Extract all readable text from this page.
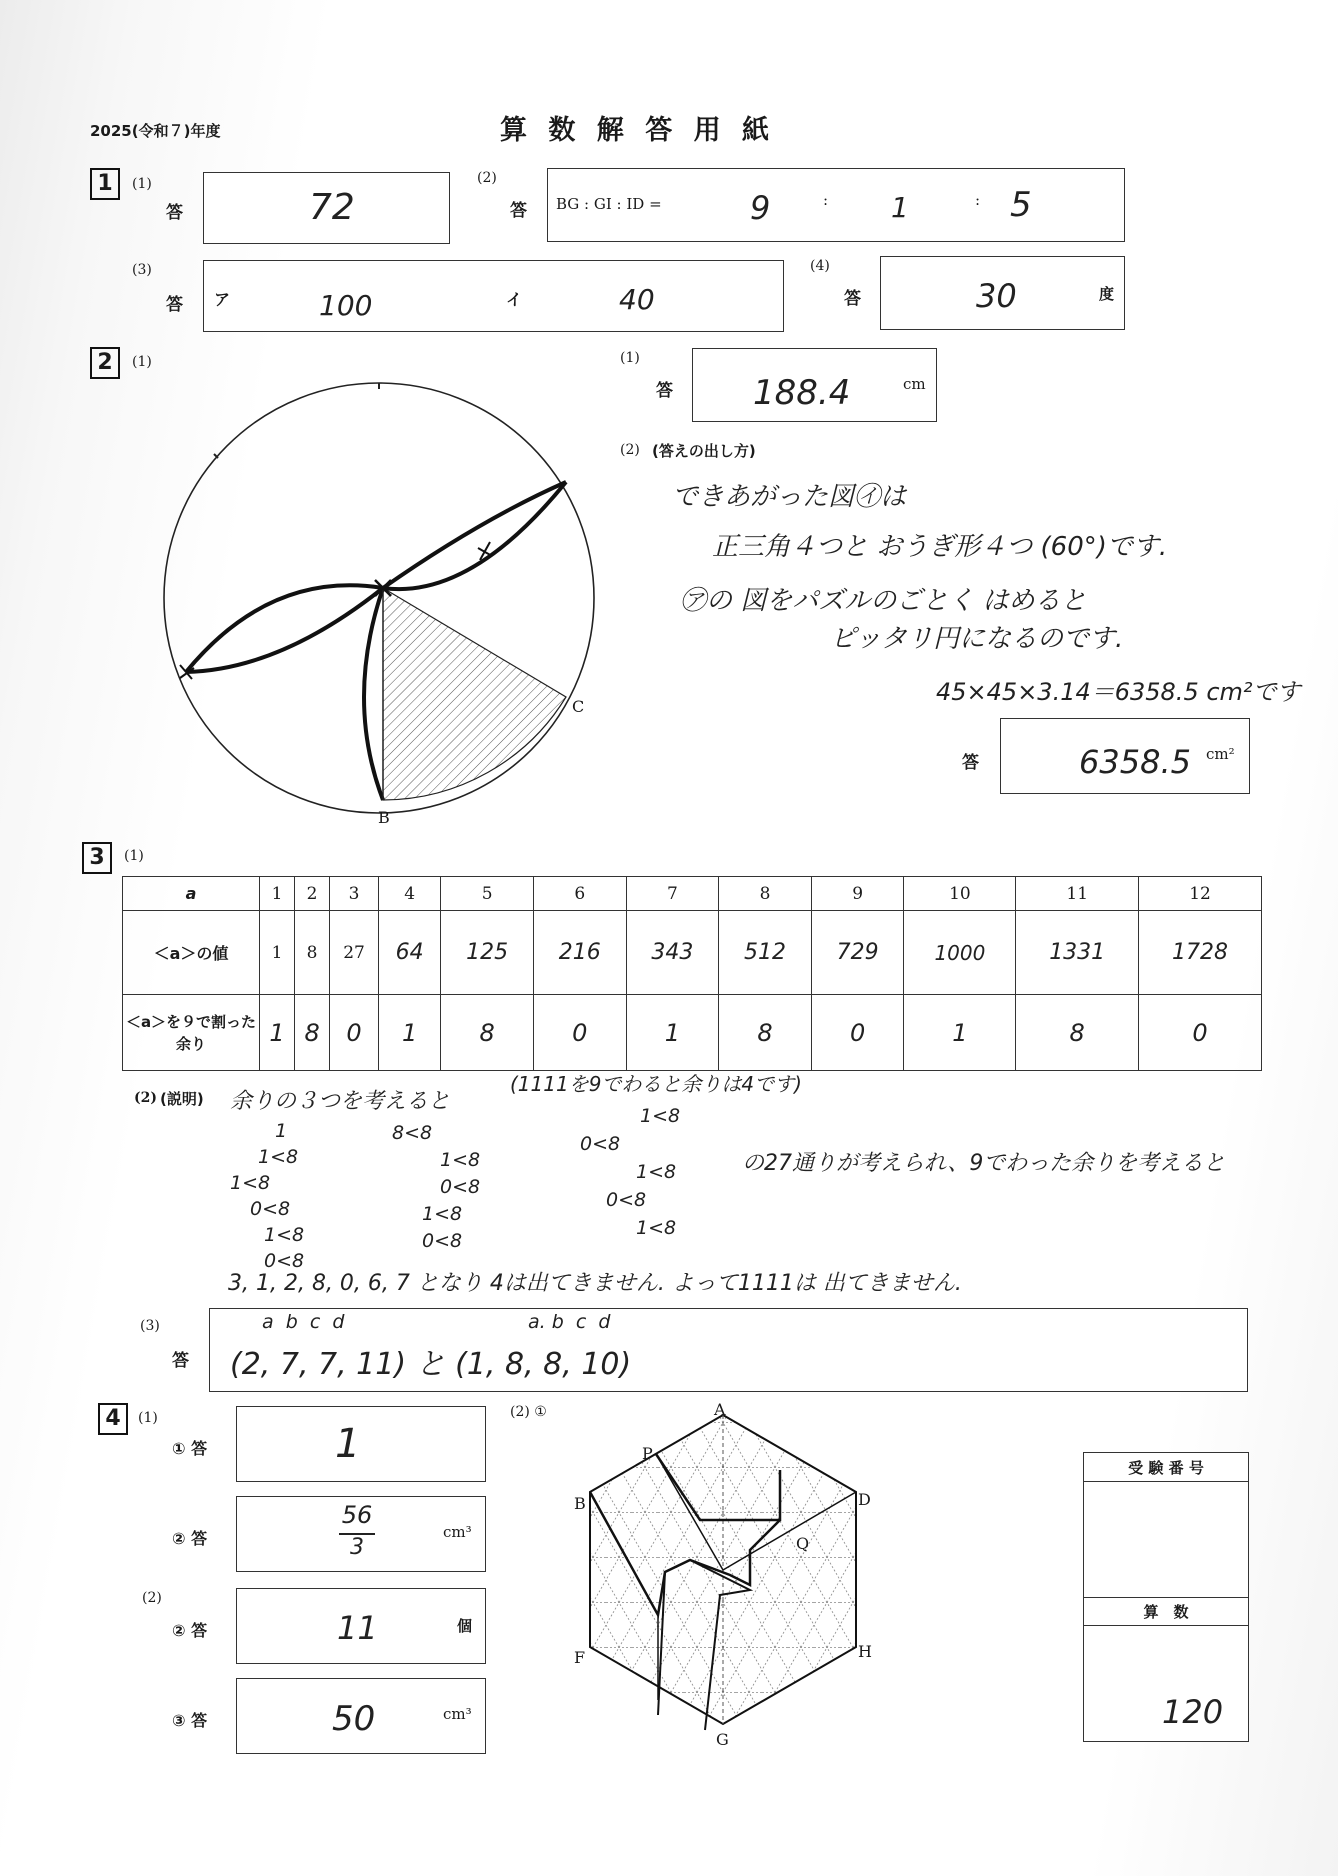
2025(令和７)年度	算 数 解 答 用 紙
1	(1)
答	72
(2)
答 BG : GI : ID =	9	: 1	: 5
(3)
答 ア	100	イ	40
(4)
答	30	度
2	(1)
C
B
(1)
答 188.4	cm
(2) (答えの出し方)
できあがった図㋑は
正三角４つと おうぎ形４つ (60°)です.
㋐の 図をパズルのごとく はめると
ピッタリ円になるのです.
45×45×3.14＝6358.5 cm²です
答	6358.5 cm²
3	(1)
a	1	2	3	4	5	6	7	8	9	10	11	12
＜a＞の値	1	8	27	64	125	216	343	512	729	1000	1331	1728
＜a＞を９で割った余り	1	8	0	1	8	0	1	8	0	1	8	0
(2) (説明) 余りの３つを考えると
(1111を9でわると余りは4です)
1
1<8
1<8
0<8
1<8
0<8
8<8
1<8
0<8
1<8
0<8
1<8
0<8
1<8
0<8
1<8
の27通りが考えられ、9でわった余りを考えると
3, 1, 2, 8, 0, 6, 7 となり 4は出てきません. よって1111は 出てきません.
(3)
答
a  b  c  d	a. b  c  d
(2, 7, 7, 11) と (1, 8, 8, 10)
4	(1)
① 答	1
② 答
56
3
cm³
(2)
② 答	11	個
③ 答	50	cm³
(2) ①	A
P
B	D
Q
F	H
G
受 験 番 号
算　数
120
